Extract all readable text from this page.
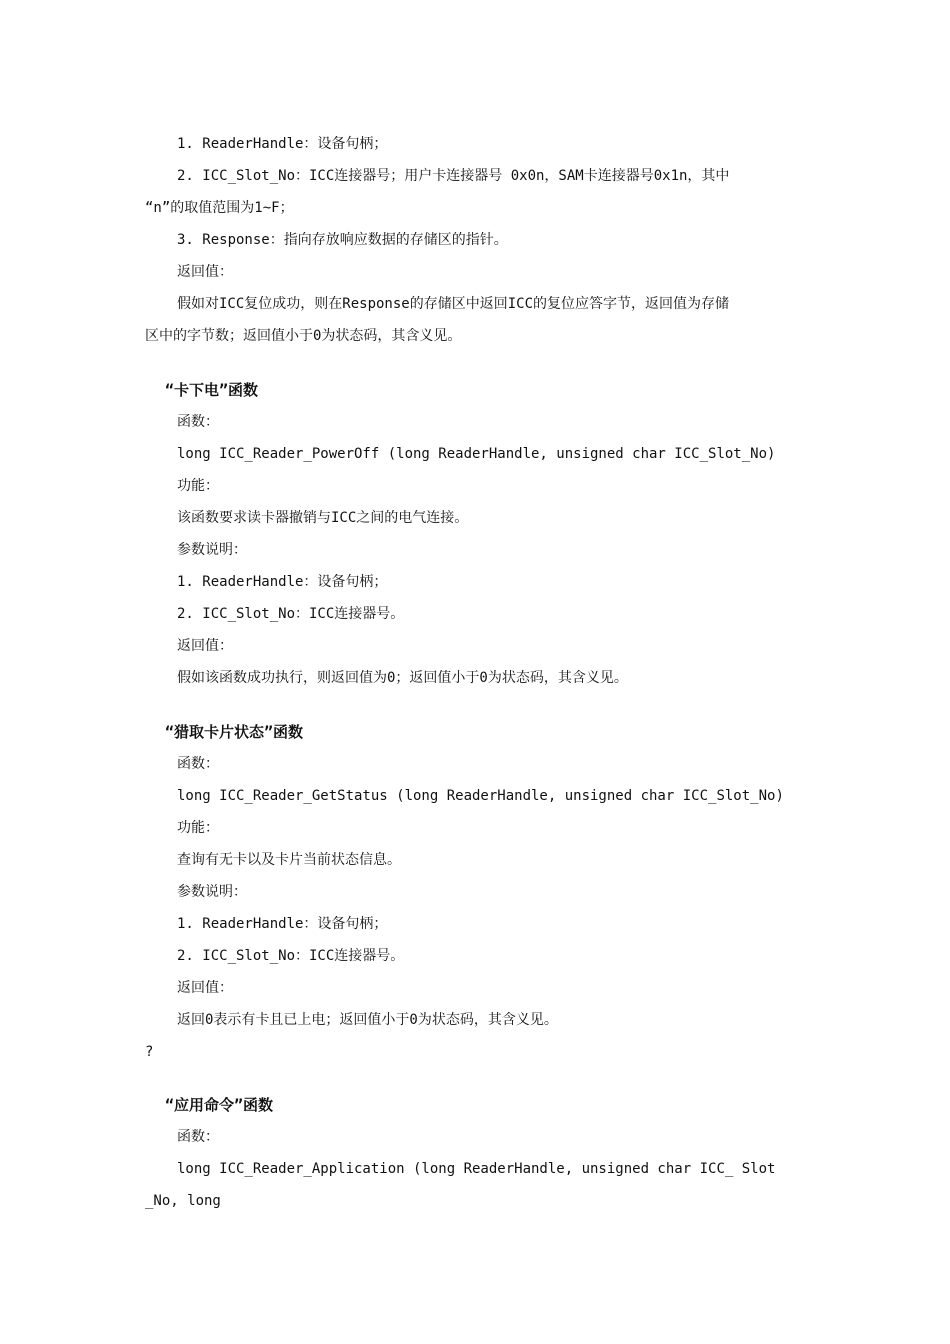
1. ReaderHandle：设备句柄；
2. ICC_Slot_No：ICC连接器号；用户卡连接器号 0x0n，SAM卡连接器号0x1n，其中
“n”的取值范围为1~F；
3. Response：指向存放响应数据的存储区的指针。
返回值：
假如对ICC复位成功，则在Response的存储区中返回ICC的复位应答字节，返回值为存储
区中的字节数；返回值小于0为状态码，其含义见。
“卡下电”函数
函数：
long ICC_Reader_PowerOff (long ReaderHandle, unsigned char ICC_Slot_No)
功能：
该函数要求读卡器撤销与ICC之间的电气连接。
参数说明：
1. ReaderHandle：设备句柄；
2. ICC_Slot_No：ICC连接器号。
返回值：
假如该函数成功执行，则返回值为0；返回值小于0为状态码，其含义见。
“猎取卡片状态”函数
函数：
long ICC_Reader_GetStatus (long ReaderHandle, unsigned char ICC_Slot_No)
功能：
查询有无卡以及卡片当前状态信息。
参数说明：
1. ReaderHandle：设备句柄；
2. ICC_Slot_No：ICC连接器号。
返回值：
返回0表示有卡且已上电；返回值小于0为状态码，其含义见。
?
“应用命令”函数
函数：
long ICC_Reader_Application (long ReaderHandle, unsigned char ICC_ Slot
_No, long
